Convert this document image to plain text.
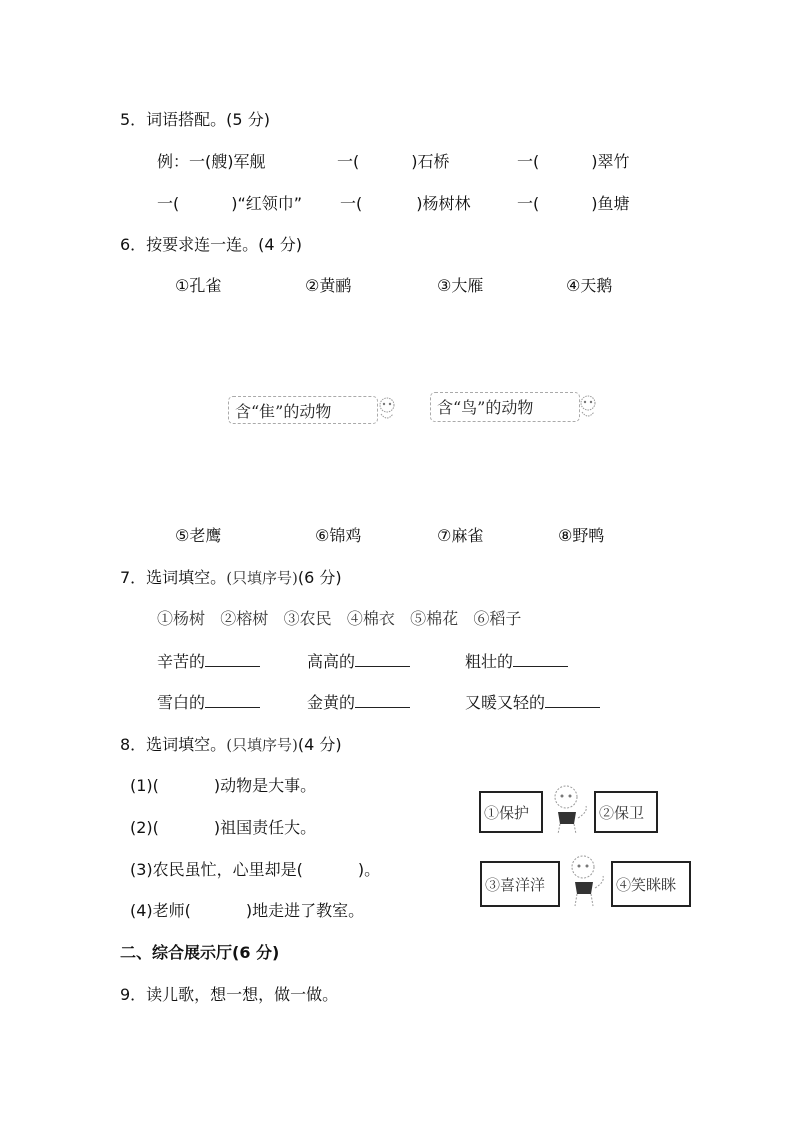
5．词语搭配。(5 分)
例：一(艘)军舰	一(	)石桥	一(	)翠竹
一(	)“红领巾” 一(	)杨树林	一(	)鱼塘
6．按要求连一连。(4 分)
①孔雀	②黄鹂	③大雁	④天鹅
含“隹”的动物	含“鸟”的动物
⑤老鹰	⑥锦鸡	⑦麻雀	⑧野鸭
7．选词填空。(只填序号)(6 分)
①杨树 ②榕树 ③农民 ④棉衣 ⑤棉花 ⑥稻子
辛苦的	高高的	粗壮的
雪白的	金黄的	又暖又轻的
8．选词填空。(只填序号)(4 分)
(1)(	)动物是大事。
(2)(	)祖国责任大。
(3)农民虽忙，心里却是(	)。
(4)老师(	)地走进了教室。
①保护	②保卫
③喜洋洋	④笑眯眯
二、综合展示厅(6 分)
9．读儿歌，想一想，做一做。
